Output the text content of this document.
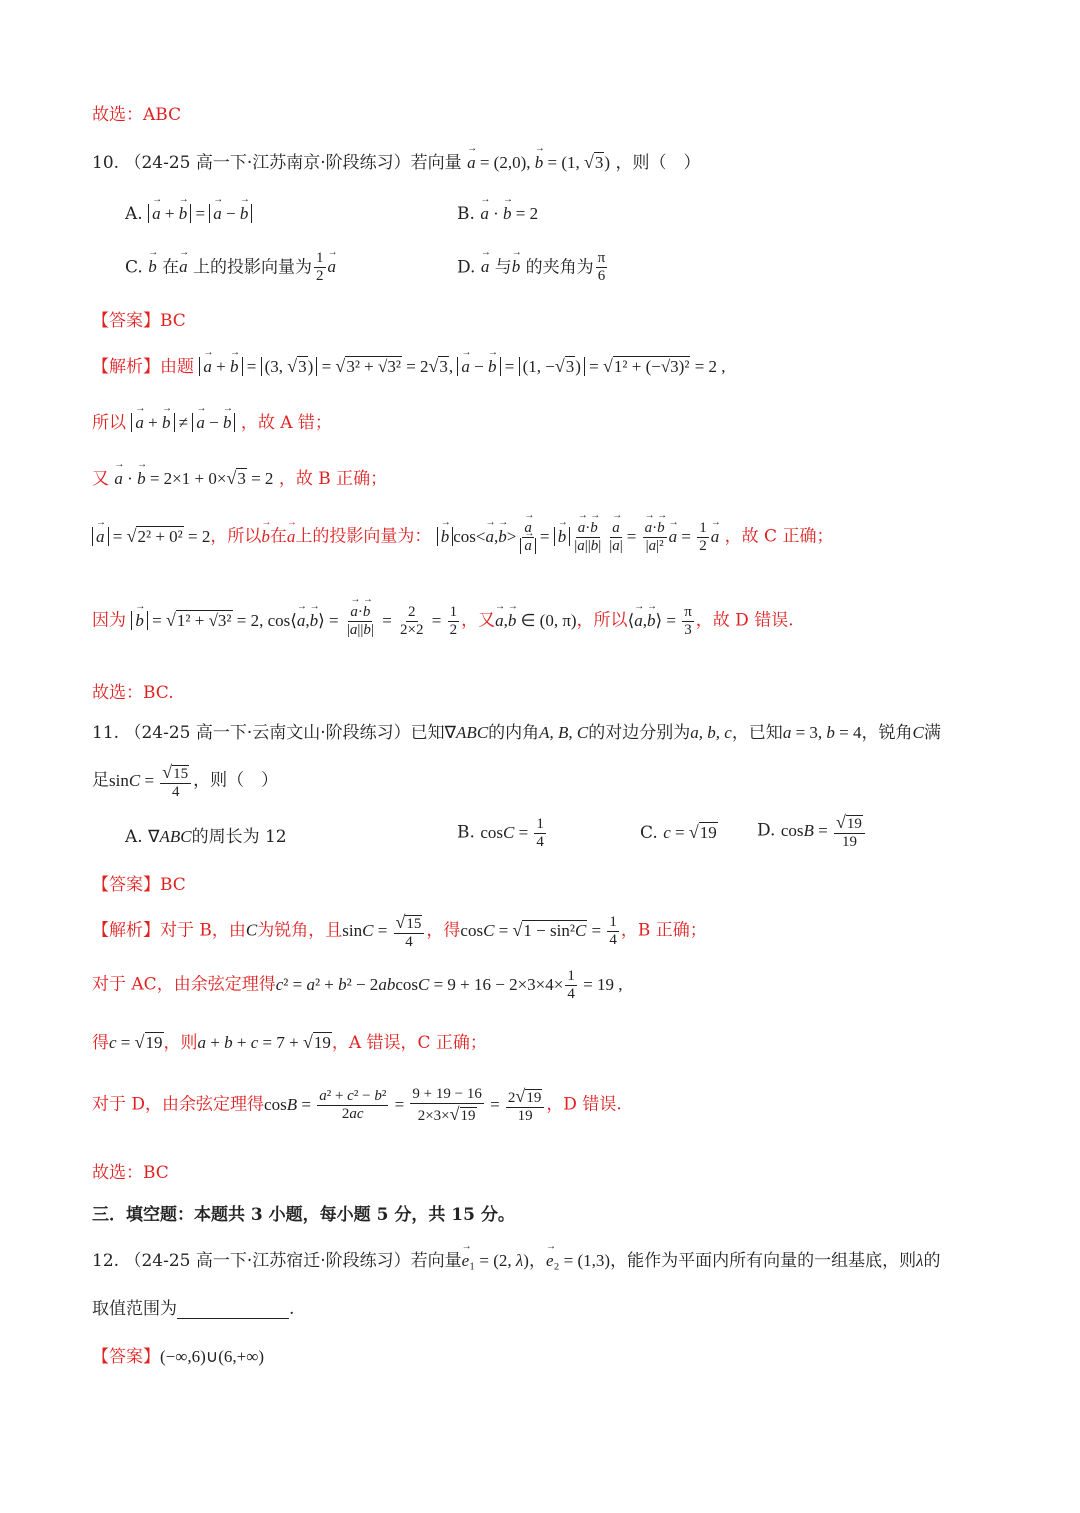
故选：ABC
10. （24-25 高一下·江苏南京·阶段练习）若向量 → a = (2,0), → b = (1, √3) ，则（　）
A. → a + → b = → a − → b	B. → a · → b = 2
C. → b 在→ a 上的投影向量为 $\frac{1}{2}$
→ a	D. → a 与→ b 的夹角为 $\frac{\pi}{6}$
【答案】BC
【解析】由题 → a + → b = (3, √3) = √3² + √3² = 2√3, → a − → b = (1, −√3) = √1² + (−√3)² = 2 ,
所以 → a + → b ≠ → a − → b ，故 A 错；
又 → a · → b = 2×1 + 0×√3 = 2 ，故 B 正确；
→ a = √2² + 0² = 2，所以→ b在→ a上的投影向量为： → b cos<→ a,→ b>
→ a
→ a = → b
→ $\frac{a\cdot\to b}{|a||b|}$
→ $\frac{a}{|a|}$ =
→ $\frac{a\cdot\to b}{\text{|a|²}}$
→ $a = \frac{1}{2}$
→ a ，故 C 正确；
因为 → b = √1² + √3² = 2, cos⟨→ a,→ b⟩ =
→ $\frac{a\cdot\to b}{|a||b|} = \frac{2}{2\times 2} = \frac{1}{2}$ ，又→ a,→ b ∈ (0, π)，所以⟨→ a,→ b⟩ = $\frac{\pi}{3}$ ，故 D 错误.
故选：BC.
11. （24-25 高一下·云南文山·阶段练习）已知∇ABC的内角A, B, C的对边分别为a, b, c，已知a = 3, b = 4，锐角C满
足$\sin C = \frac{√15}{4}$ ，则（　）
A. ∇ABC的周长为 12	B. $\cos C = \frac{1}{4}$	C. c = √19 D. $\cos B = \frac{√19}{19}$
【答案】BC
【解析】对于 B，由C为锐角，且$\sin C = \frac{√15}{4}$ ，得$\cos C = √1 - \sin^2C = \frac{1}{4}$ ，B 正确；
对于 AC，由余弦定理得$c^2 = a^2 + b^2 - 2abcosC = 9 + 16 - 2\times 3\times 4\times \frac{1}{4} = 19$ ,
得c = √19，则a + b + c = 7 + √19，A 错误，C 正确；
对于 D，由余弦定理得$\cos B = \frac{\text{a² + c² − b²}}{2ac} = \frac{9 + 19 - 16}{2\times 3\times√19} = \frac{2√19}{19}$ ，D 错误.
故选：BC
三．填空题：本题共 3 小题，每小题 5 分，共 15 分。
12. （24-25 高一下·江苏宿迁·阶段练习）若向量→ e₁ = (2, λ)，→ e₂ = (1,3)，能作为平面内所有向量的一组基底，则λ的
取值范围为	.
【答案】(−∞,6)∪(6,+∞)
